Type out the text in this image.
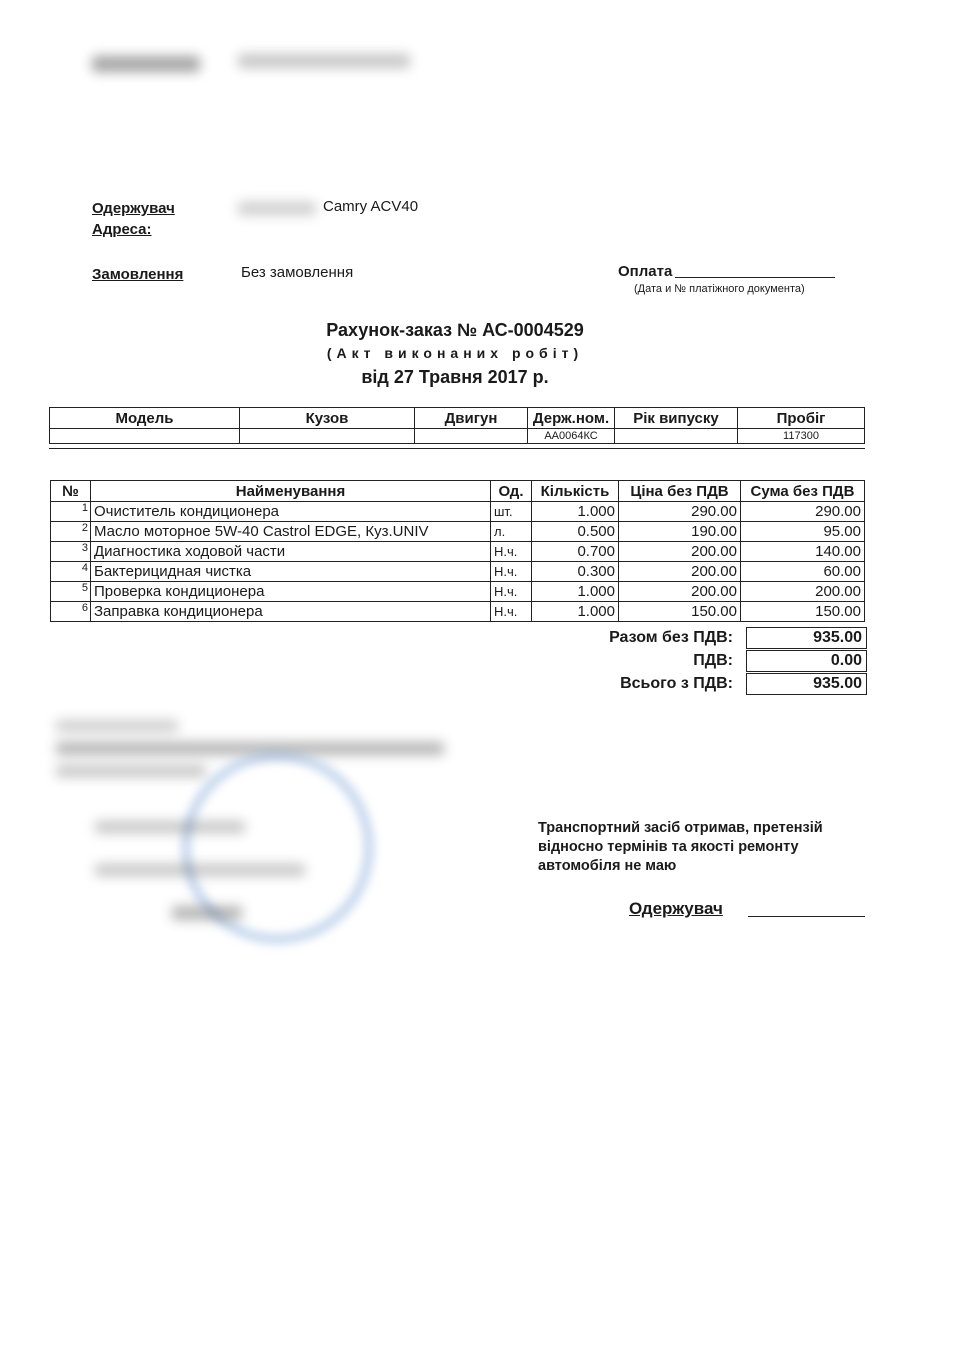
Одержувач	Camry ACV40
Адреса:
Замовлення	Без замовлення	Оплата
(Дата и № платіжного документа)
Рахунок-заказ № АС-0004529
(Акт виконаних робіт)
від 27 Травня 2017 р.
Модель	Кузов	Двигун	Держ.ном.	Рік випуску	Пробіг
			АА0064КС		117300
№	Найменування	Од.	Кількість	Ціна без ПДВ	Сума без ПДВ
1	Очиститель кондиционера	шт.	1.000	290.00	290.00
2	Масло моторное 5W-40 Castrol EDGE, Куз.UNIV	л.	0.500	190.00	95.00
3	Диагностика ходовой части	Н.ч.	0.700	200.00	140.00
4	Бактерицидная чистка	Н.ч.	0.300	200.00	60.00
5	Проверка кондиционера	Н.ч.	1.000	200.00	200.00
6	Заправка кондиционера	Н.ч.	1.000	150.00	150.00
Разом без ПДВ:	935.00
ПДВ:	0.00
Всього з ПДВ:	935.00
Транспортний засіб отримав, претензій
відносно термінів та якості ремонту
автомобіля не маю
Одержувач
